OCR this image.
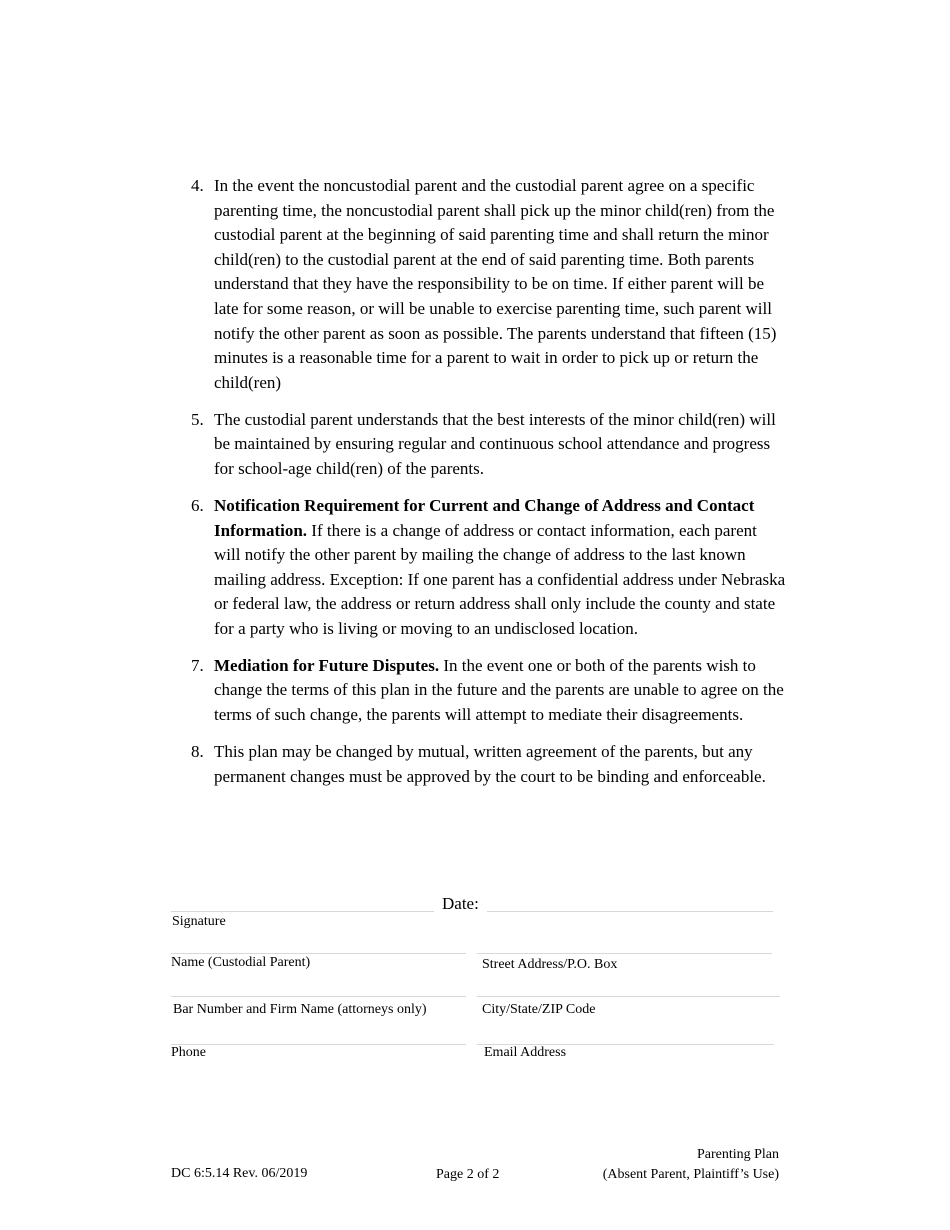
4. In the event the noncustodial parent and the custodial parent agree on a specific parenting time, the noncustodial parent shall pick up the minor child(ren) from the custodial parent at the beginning of said parenting time and shall return the minor child(ren) to the custodial parent at the end of said parenting time. Both parents understand that they have the responsibility to be on time. If either parent will be late for some reason, or will be unable to exercise parenting time, such parent will notify the other parent as soon as possible. The parents understand that fifteen (15) minutes is a reasonable time for a parent to wait in order to pick up or return the child(ren)
5. The custodial parent understands that the best interests of the minor child(ren) will be maintained by ensuring regular and continuous school attendance and progress for school-age child(ren) of the parents.
6. Notification Requirement for Current and Change of Address and Contact Information. If there is a change of address or contact information, each parent will notify the other parent by mailing the change of address to the last known mailing address. Exception: If one parent has a confidential address under Nebraska or federal law, the address or return address shall only include the county and state for a party who is living or moving to an undisclosed location.
7. Mediation for Future Disputes. In the event one or both of the parents wish to change the terms of this plan in the future and the parents are unable to agree on the terms of such change, the parents will attempt to mediate their disagreements.
8. This plan may be changed by mutual, written agreement of the parents, but any permanent changes must be approved by the court to be binding and enforceable.
Date:
Signature
Name (Custodial Parent)	Street Address/P.O. Box
Bar Number and Firm Name (attorneys only)	City/State/ZIP Code
Phone	Email Address
DC 6:5.14 Rev. 06/2019	Page 2 of 2
Parenting Plan
(Absent Parent, Plaintiff’s Use)
